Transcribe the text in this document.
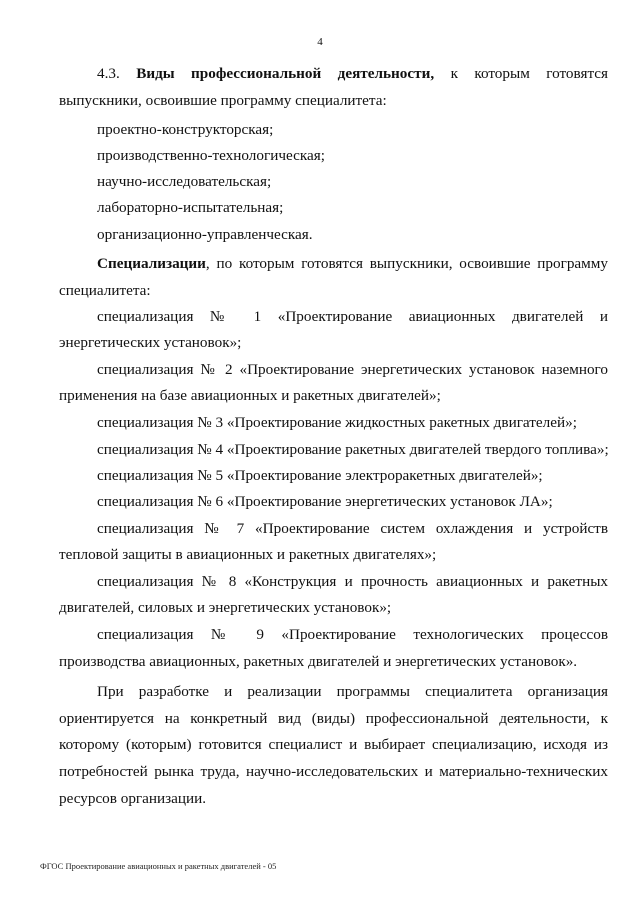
4
4.3. Виды профессиональной деятельности, к которым готовятся
выпускники, освоившие программу специалитета:
проектно-конструкторская;
производственно-технологическая;
научно-исследовательская;
лабораторно-испытательная;
организационно-управленческая.
Специализации, по которым готовятся выпускники, освоившие программу
специалитета:
специализация № 1 «Проектирование авиационных двигателей и
энергетических установок»;
специализация № 2 «Проектирование энергетических установок наземного
применения на базе авиационных и ракетных двигателей»;
специализация № 3 «Проектирование жидкостных ракетных двигателей»;
специализация № 4 «Проектирование ракетных двигателей твердого топлива»;
специализация № 5 «Проектирование электроракетных двигателей»;
специализация № 6 «Проектирование энергетических установок ЛА»;
специализация № 7 «Проектирование систем охлаждения и устройств
тепловой защиты в авиационных и ракетных двигателях»;
специализация № 8 «Конструкция и прочность авиационных и ракетных
двигателей, силовых и энергетических установок»;
специализация № 9 «Проектирование технологических процессов
производства авиационных, ракетных двигателей и энергетических установок».
При разработке и реализации программы специалитета организация
ориентируется на конкретный вид (виды) профессиональной деятельности, к
которому (которым) готовится специалист и выбирает специализацию, исходя из
потребностей рынка труда, научно-исследовательских и материально-технических
ресурсов организации.
ФГОС Проектирование авиационных и ракетных двигателей - 05
